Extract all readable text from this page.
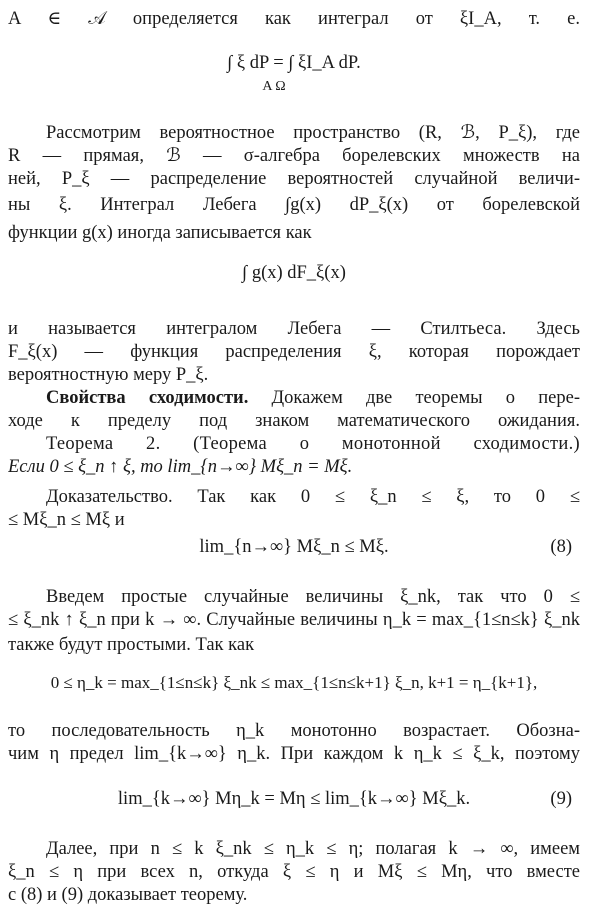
A ∈ 𝒜 определяется как интеграл от ξI_A, т. е.
∫ ξ dP = ∫ ξI_A dP.
A Ω
Рассмотрим вероятностное пространство (R, ℬ, P_ξ), где
R — прямая, ℬ — σ-алгебра борелевских множеств на
ней, P_ξ — распределение вероятностей случайной величи-
ны ξ. Интеграл Лебега ∫g(x) dP_ξ(x) от борелевской
функции g(x) иногда записывается как
∫ g(x) dF_ξ(x)
и называется интегралом Лебега — Стилтьеса. Здесь
F_ξ(x) — функция распределения ξ, которая порождает
вероятностную меру P_ξ.
Свойства сходимости. Докажем две теоремы о пере-
ходе к пределу под знаком математического ожидания.
Теорема 2. (Теорема о монотонной сходимости.)
Если 0 ≤ ξ_n ↑ ξ, то lim_{n→∞} Mξ_n = Mξ.
Доказательство. Так как 0 ≤ ξ_n ≤ ξ, то 0 ≤
≤ Mξ_n ≤ Mξ и
lim_{n→∞} Mξ_n ≤ Mξ.	(8)
Введем простые случайные величины ξ_nk, так что 0 ≤
≤ ξ_nk ↑ ξ_n при k → ∞. Случайные величины η_k = max_{1≤n≤k} ξ_nk
также будут простыми. Так как
0 ≤ η_k = max_{1≤n≤k} ξ_nk ≤ max_{1≤n≤k+1} ξ_n, k+1 = η_{k+1},
то последовательность η_k монотонно возрастает. Обозна-
чим η предел lim_{k→∞} η_k. При каждом k η_k ≤ ξ_k, поэтому
lim_{k→∞} Mη_k = Mη ≤ lim_{k→∞} Mξ_k.	(9)
Далее, при n ≤ k ξ_nk ≤ η_k ≤ η; полагая k → ∞, имеем
ξ_n ≤ η при всех n, откуда ξ ≤ η и Mξ ≤ Mη, что вместе
с (8) и (9) доказывает теорему.
